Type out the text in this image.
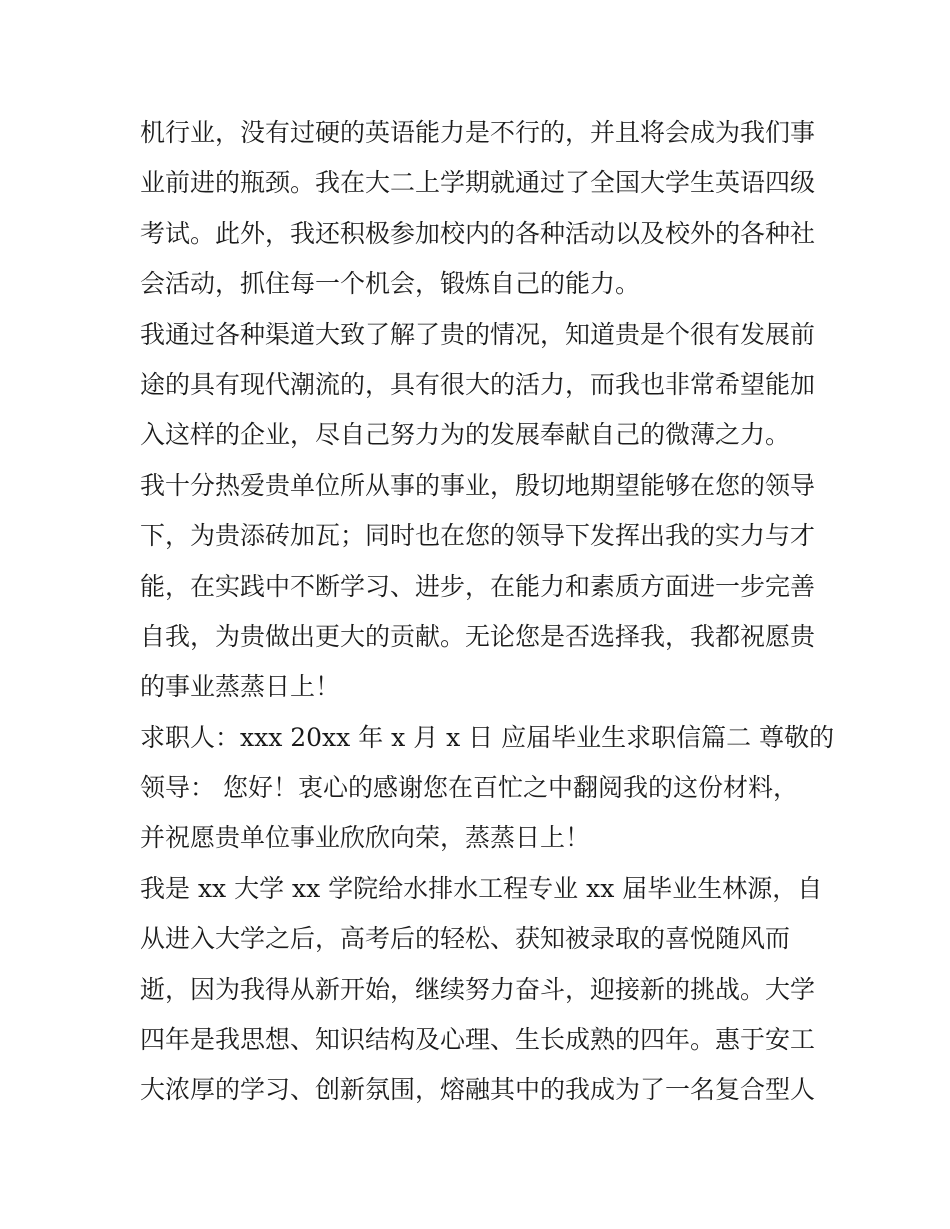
机行业，没有过硬的英语能力是不行的，并且将会成为我们事
业前进的瓶颈。我在大二上学期就通过了全国大学生英语四级
考试。此外，我还积极参加校内的各种活动以及校外的各种社
会活动，抓住每一个机会，锻炼自己的能力。
我通过各种渠道大致了解了贵的情况，知道贵是个很有发展前
途的具有现代潮流的，具有很大的活力，而我也非常希望能加
入这样的企业，尽自己努力为的发展奉献自己的微薄之力。
我十分热爱贵单位所从事的事业，殷切地期望能够在您的领导
下，为贵添砖加瓦；同时也在您的领导下发挥出我的实力与才
能，在实践中不断学习、进步，在能力和素质方面进一步完善
自我，为贵做出更大的贡献。无论您是否选择我，我都祝愿贵
的事业蒸蒸日上！
求职人：xxx 20xx 年 x 月 x 日 应届毕业生求职信篇二 尊敬的
领导： 您好！衷心的感谢您在百忙之中翻阅我的这份材料，
并祝愿贵单位事业欣欣向荣，蒸蒸日上！
我是 xx 大学 xx 学院给水排水工程专业 xx 届毕业生林源，自
从进入大学之后，高考后的轻松、获知被录取的喜悦随风而
逝，因为我得从新开始，继续努力奋斗，迎接新的挑战。大学
四年是我思想、知识结构及心理、生长成熟的四年。惠于安工
大浓厚的学习、创新氛围，熔融其中的我成为了一名复合型人
